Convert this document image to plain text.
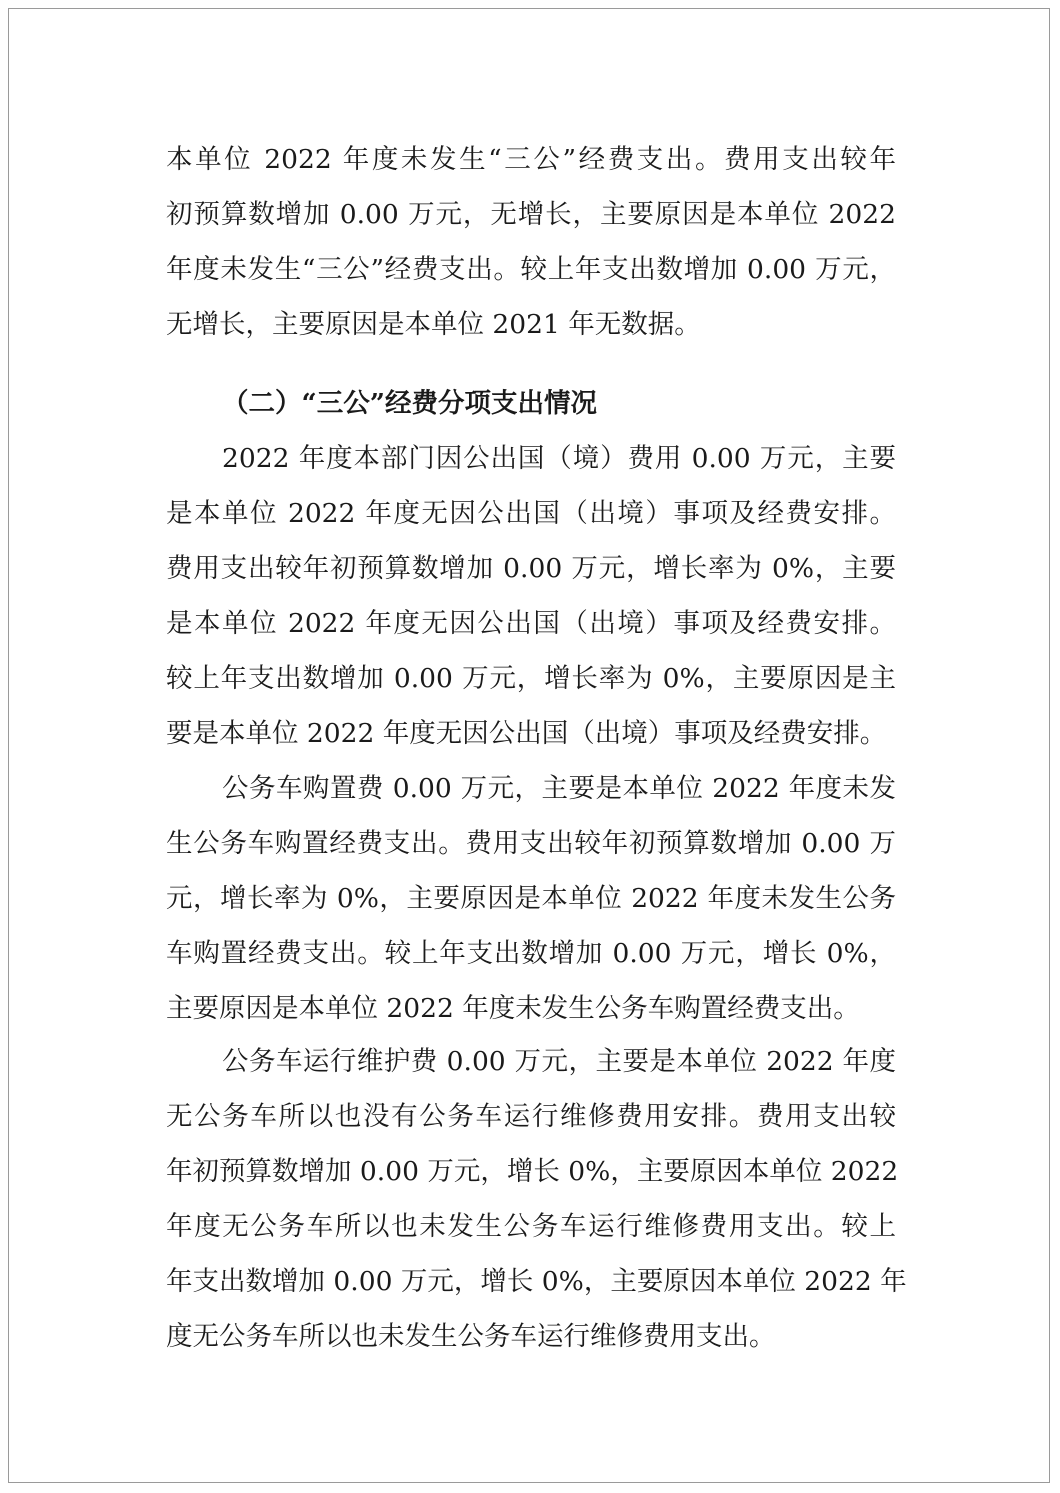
本单位 2022 年度未发生“三公”经费支出。费用支出较年
初预算数增加 0.00 万元，无增长，主要原因是本单位 2022
年度未发生“三公”经费支出。较上年支出数增加 0.00 万元，
无增长，主要原因是本单位 2021 年无数据。
（二）“三公”经费分项支出情况
2022 年度本部门因公出国（境）费用 0.00 万元，主要
是本单位 2022 年度无因公出国（出境）事项及经费安排。
费用支出较年初预算数增加 0.00 万元，增长率为 0%，主要
是本单位 2022 年度无因公出国（出境）事项及经费安排。
较上年支出数增加 0.00 万元，增长率为 0%，主要原因是主
要是本单位 2022 年度无因公出国（出境）事项及经费安排。
公务车购置费 0.00 万元，主要是本单位 2022 年度未发
生公务车购置经费支出。费用支出较年初预算数增加 0.00 万
元，增长率为 0%，主要原因是本单位 2022 年度未发生公务
车购置经费支出。较上年支出数增加 0.00 万元，增长 0%，
主要原因是本单位 2022 年度未发生公务车购置经费支出。
公务车运行维护费 0.00 万元，主要是本单位 2022 年度
无公务车所以也没有公务车运行维修费用安排。费用支出较
年初预算数增加 0.00 万元，增长 0%，主要原因本单位 2022
年度无公务车所以也未发生公务车运行维修费用支出。较上
年支出数增加 0.00 万元，增长 0%，主要原因本单位 2022 年
度无公务车所以也未发生公务车运行维修费用支出。
